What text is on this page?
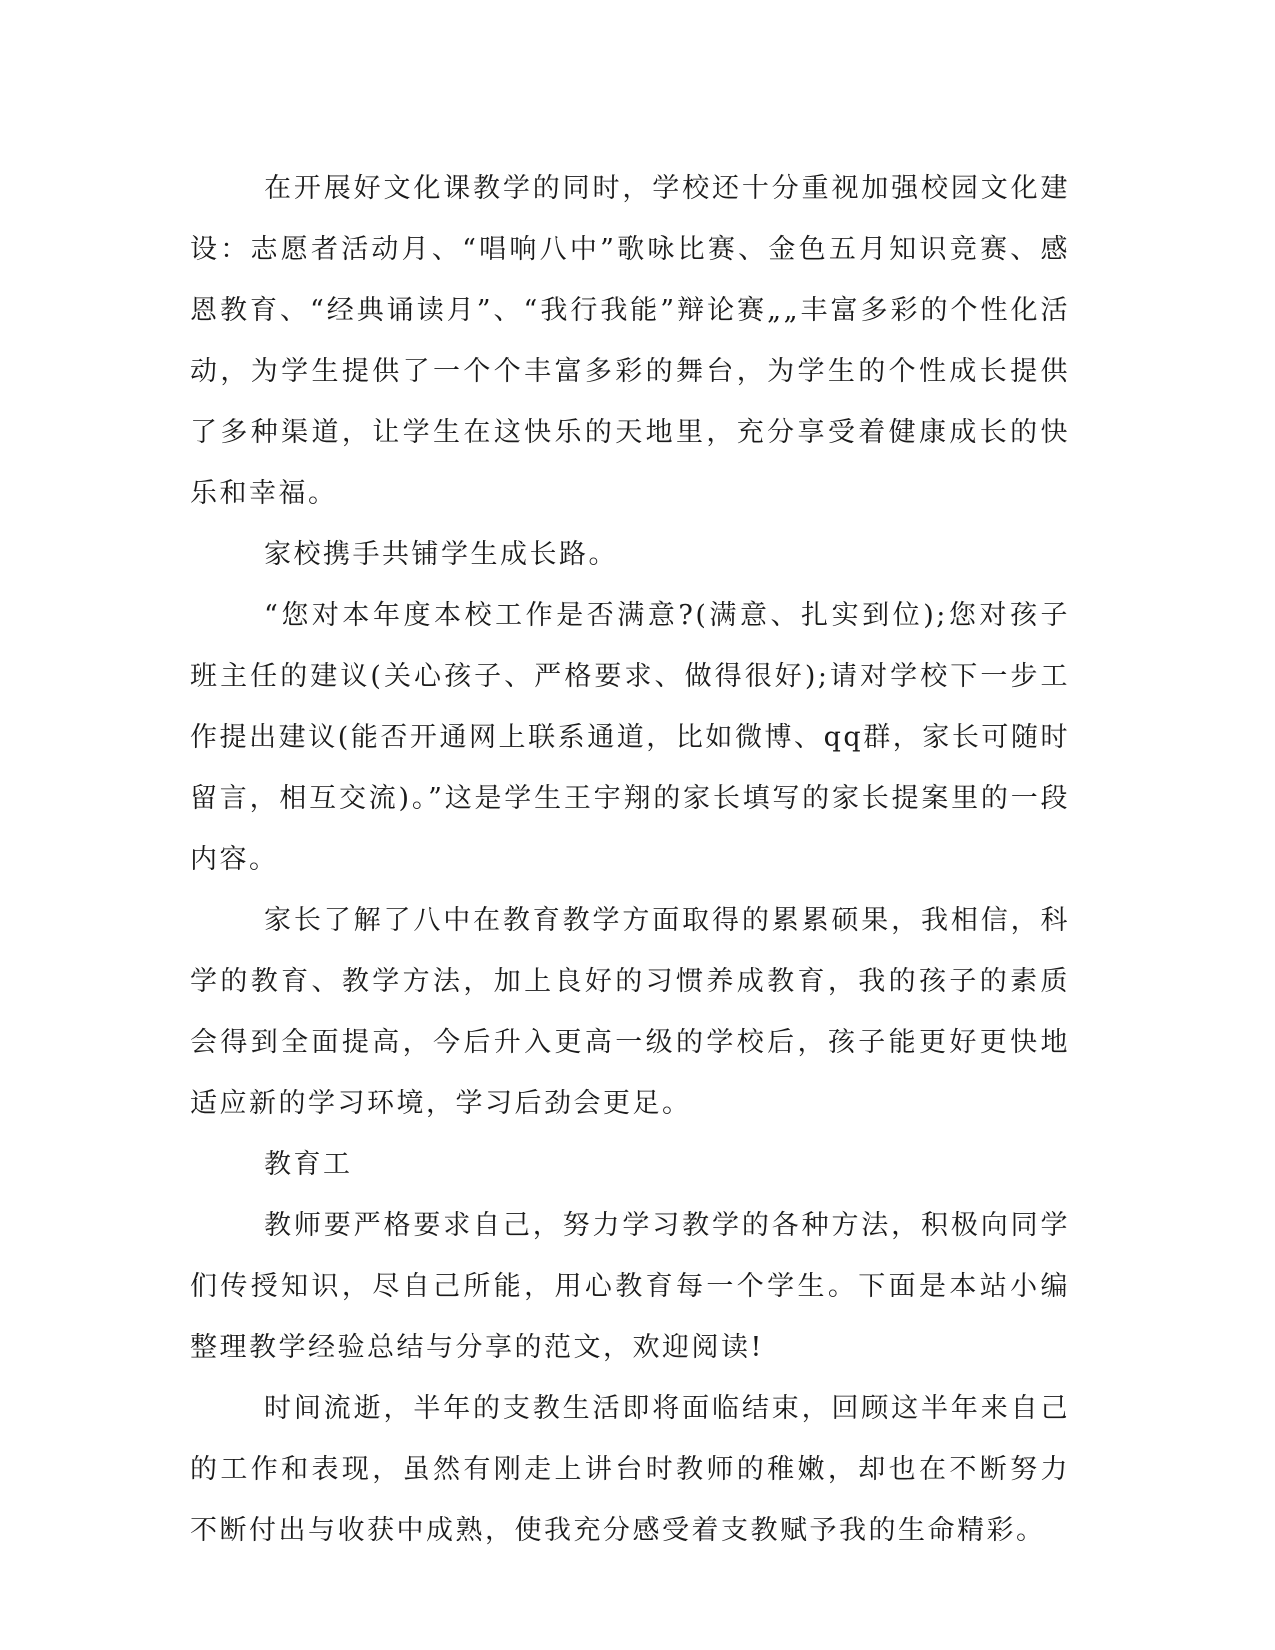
在开展好文化课教学的同时，学校还十分重视加强校园文化建设：志愿者活动月、“唱响八中”歌咏比赛、金色五月知识竞赛、感恩教育、“经典诵读月”、“我行我能”辩论赛„„丰富多彩的个性化活动，为学生提供了一个个丰富多彩的舞台，为学生的个性成长提供了多种渠道，让学生在这快乐的天地里，充分享受着健康成长的快乐和幸福。

家校携手共铺学生成长路。

“您对本年度本校工作是否满意?(满意、扎实到位);您对孩子班主任的建议(关心孩子、严格要求、做得很好);请对学校下一步工作提出建议(能否开通网上联系通道，比如微博、qq群，家长可随时留言，相互交流)。”这是学生王宇翔的家长填写的家长提案里的一段内容。

家长了解了八中在教育教学方面取得的累累硕果，我相信，科学的教育、教学方法，加上良好的习惯养成教育，我的孩子的素质会得到全面提高，今后升入更高一级的学校后，孩子能更好更快地适应新的学习环境，学习后劲会更足。

教育工

教师要严格要求自己，努力学习教学的各种方法，积极向同学们传授知识，尽自己所能，用心教育每一个学生。下面是本站小编整理教学经验总结与分享的范文，欢迎阅读!

时间流逝，半年的支教生活即将面临结束，回顾这半年来自己的工作和表现，虽然有刚走上讲台时教师的稚嫩，却也在不断努力不断付出与收获中成熟，使我充分感受着支教赋予我的生命精彩。
